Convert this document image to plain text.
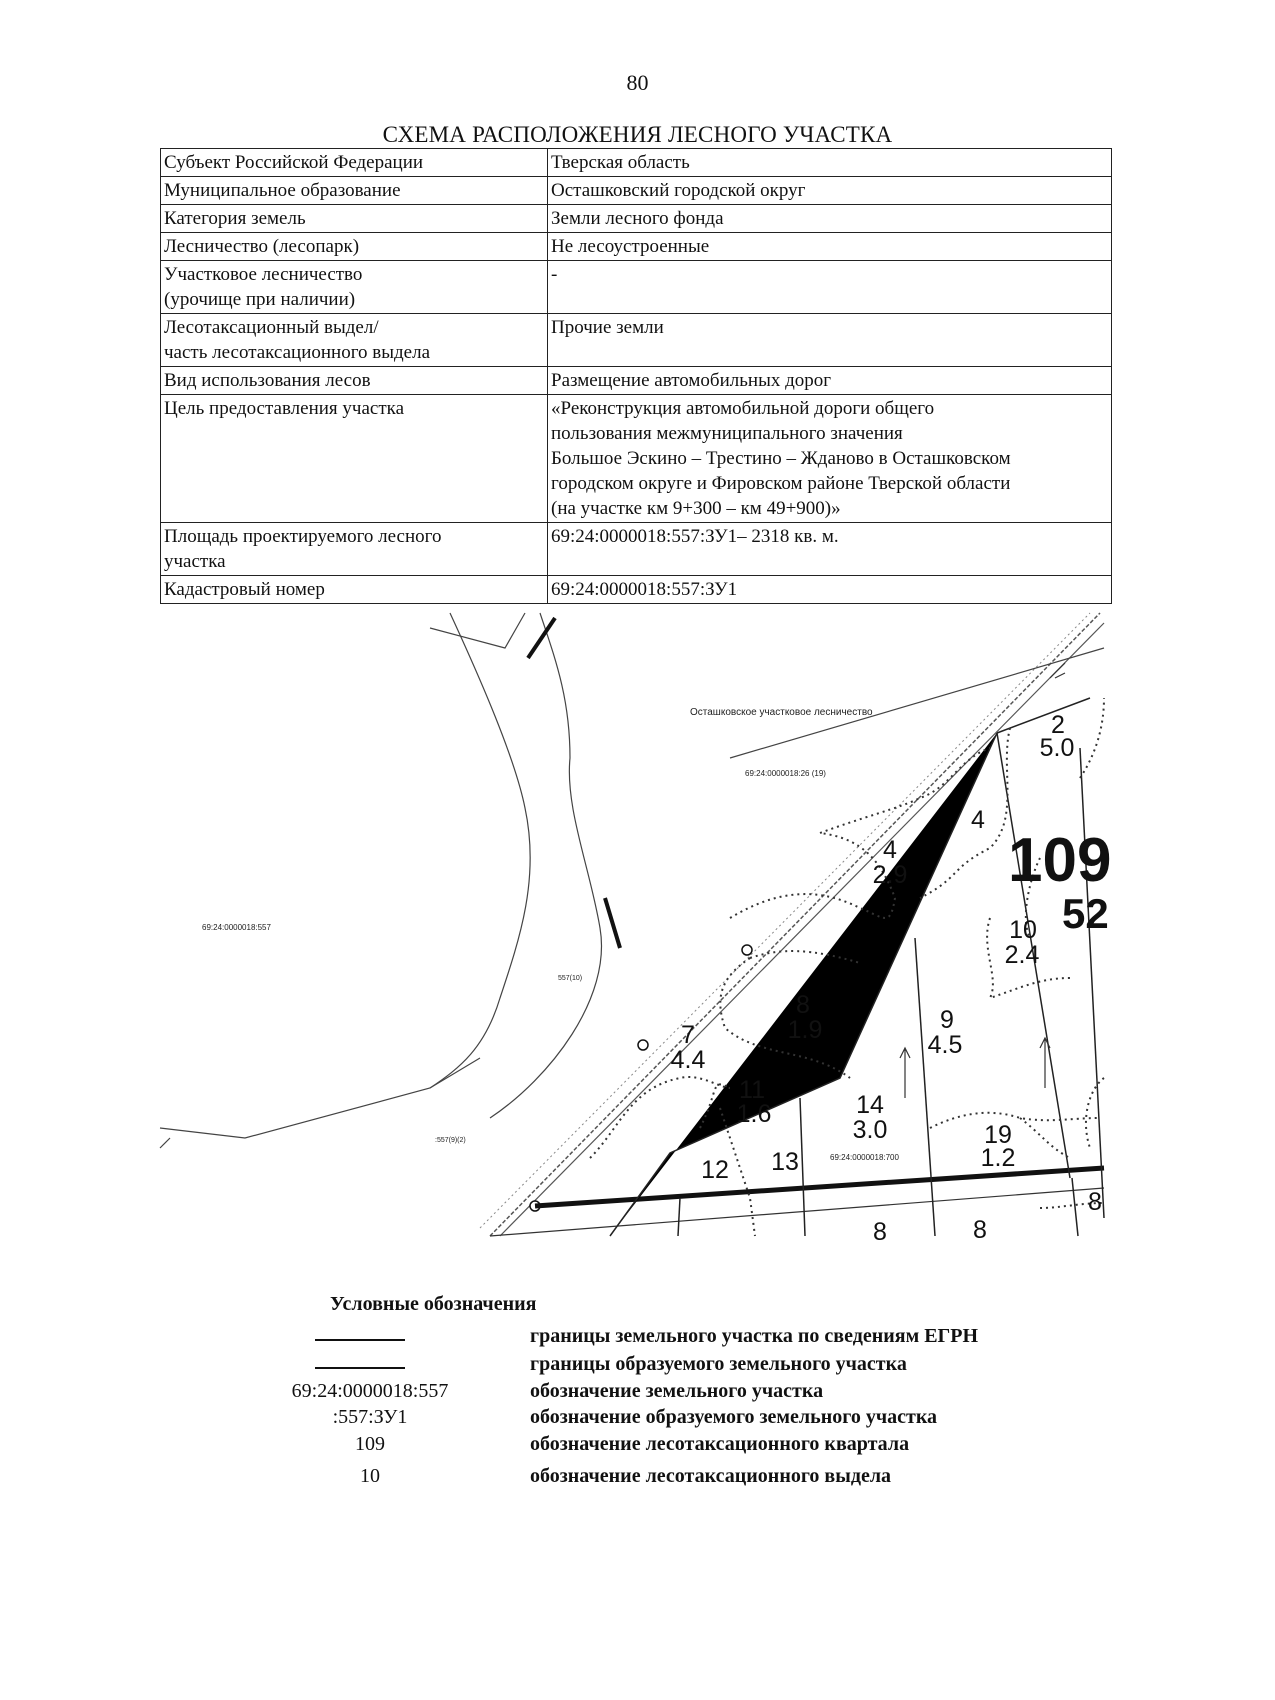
80
СХЕМА РАСПОЛОЖЕНИЯ ЛЕСНОГО УЧАСТКА
Субъект Российской Федерации	Тверская область
Муниципальное образование	Осташковский городской округ
Категория земель	Земли лесного фонда
Лесничество (лесопарк)	Не лесоустроенные
Участковое лесничество
(урочище при наличии)	-
Лесотаксационный выдел/
часть лесотаксационного выдела	Прочие земли
Вид использования лесов	Размещение автомобильных дорог
Цель предоставления участка	«Реконструкция автомобильной дороги общего
пользования межмуниципального значения
Большое Эскино – Трестино – Жданово в Осташковском
городском округе и Фировском районе Тверской области
(на участке км 9+300 – км 49+900)»
Площадь проектируемого лесного
участка	69:24:0000018:557:ЗУ1– 2318 кв. м.
Кадастровый номер	69:24:0000018:557:ЗУ1
Осташковское участковое лесничество
69:24:0000018:26 (19)
69:24:0000018:557
69:24:0000018:700
557(10)
:557(9)(2)
109
52
2
5.0
4
4
2.9
10
2.4
8
1.9	9
4.5
7
4.4
11
1.6	14
3.0	19
1.2
12 13
8
8	8
Условные обозначения
границы земельного участка по сведениям ЕГРН
границы образуемого земельного участка
69:24:0000018:557	обозначение земельного участка
:557:ЗУ1	обозначение образуемого земельного участка
109	обозначение лесотаксационного квартала
10	обозначение лесотаксационного выдела
